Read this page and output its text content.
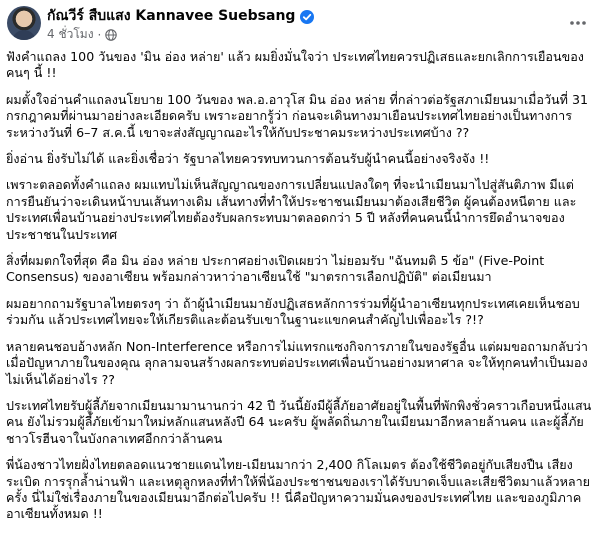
กัณวีร์ สืบแสง Kannavee Suebsang
4 ชั่วโมง ·

ฟังคำแถลง 100 วันของ 'มิน อ่อง หล่าย' แล้ว ผมยิ่งมั่นใจว่า ประเทศไทยควรปฏิเสธและยกเลิกการเยือนของคนๆ นี้ !!

ผมตั้งใจอ่านคำแถลงนโยบาย 100 วันของ พล.อ.อาวุโส มิน อ่อง หล่าย ที่กล่าวต่อรัฐสภาเมียนมาเมื่อวันที่ 31 กรกฎาคมที่ผ่านมาอย่างละเอียดครับ เพราะอยากรู้ว่า ก่อนจะเดินทางมาเยือนประเทศไทยอย่างเป็นทางการระหว่างวันที่ 6–7 ส.ค.นี้ เขาจะส่งสัญญาณอะไรให้กับประชาคมระหว่างประเทศบ้าง ??

ยิ่งอ่าน ยิ่งรับไม่ได้ และยิ่งเชื่อว่า รัฐบาลไทยควรทบทวนการต้อนรับผู้นำคนนี้อย่างจริงจัง !!

เพราะตลอดทั้งคำแถลง ผมแทบไม่เห็นสัญญาณของการเปลี่ยนแปลงใดๆ ที่จะนำเมียนมาไปสู่สันติภาพ มีแต่การยืนยันว่าจะเดินหน้าบนเส้นทางเดิม เส้นทางที่ทำให้ประชาชนเมียนมาต้องเสียชีวิต ผู้คนต้องหนีตาย และประเทศเพื่อนบ้านอย่างประเทศไทยต้องรับผลกระทบมาตลอดกว่า 5 ปี หลังที่คนคนนี้นำการยึดอำนาจของประชาชนในประเทศ

สิ่งที่ผมตกใจที่สุด คือ มิน อ่อง หล่าย ประกาศอย่างเปิดเผยว่า ไม่ยอมรับ "ฉันทมติ 5 ข้อ" (Five-Point Consensus) ของอาเซียน พร้อมกล่าวหาว่าอาเซียนใช้ "มาตรการเลือกปฏิบัติ" ต่อเมียนมา

ผมอยากถามรัฐบาลไทยตรงๆ ว่า ถ้าผู้นำเมียนมายังปฏิเสธหลักการร่วมที่ผู้นำอาเซียนทุกประเทศเคยเห็นชอบร่วมกัน แล้วประเทศไทยจะให้เกียรติและต้อนรับเขาในฐานะแขกคนสำคัญไปเพื่ออะไร ?!?

หลายคนชอบอ้างหลัก Non-Interference หรือการไม่แทรกแซงกิจการภายในของรัฐอื่น แต่ผมขอถามกลับว่า เมื่อปัญหาภายในของคุณ ลุกลามจนสร้างผลกระทบต่อประเทศเพื่อนบ้านอย่างมหาศาล จะให้ทุกคนทำเป็นมองไม่เห็นได้อย่างไร ??

ประเทศไทยรับผู้ลี้ภัยจากเมียนมามานานกว่า 42 ปี วันนี้ยังมีผู้ลี้ภัยอาศัยอยู่ในพื้นที่พักพิงชั่วคราวเกือบหนึ่งแสนคน ยังไม่รวมผู้ลี้ภัยเข้ามาใหม่หลักแสนหลังปี 64 นะครับ ผู้พลัดถิ่นภายในเมียนมาอีกหลายล้านคน และผู้ลี้ภัยชาวโรฮีนจาในบังกลาเทศอีกกว่าล้านคน

พี่น้องชาวไทยฝั่งไทยตลอดแนวชายแดนไทย-เมียนมากว่า 2,400 กิโลเมตร ต้องใช้ชีวิตอยู่กับเสียงปืน เสียงระเบิด การรุกล้ำน่านฟ้า และเหตุลูกหลงที่ทำให้พี่น้องประชาชนของเราได้รับบาดเจ็บและเสียชีวิตมาแล้วหลายครั้ง นี่ไม่ใช่เรื่องภายในของเมียนมาอีกต่อไปครับ !! นี่คือปัญหาความมั่นคงของประเทศไทย และของภูมิภาคอาเซียนทั้งหมด !!
